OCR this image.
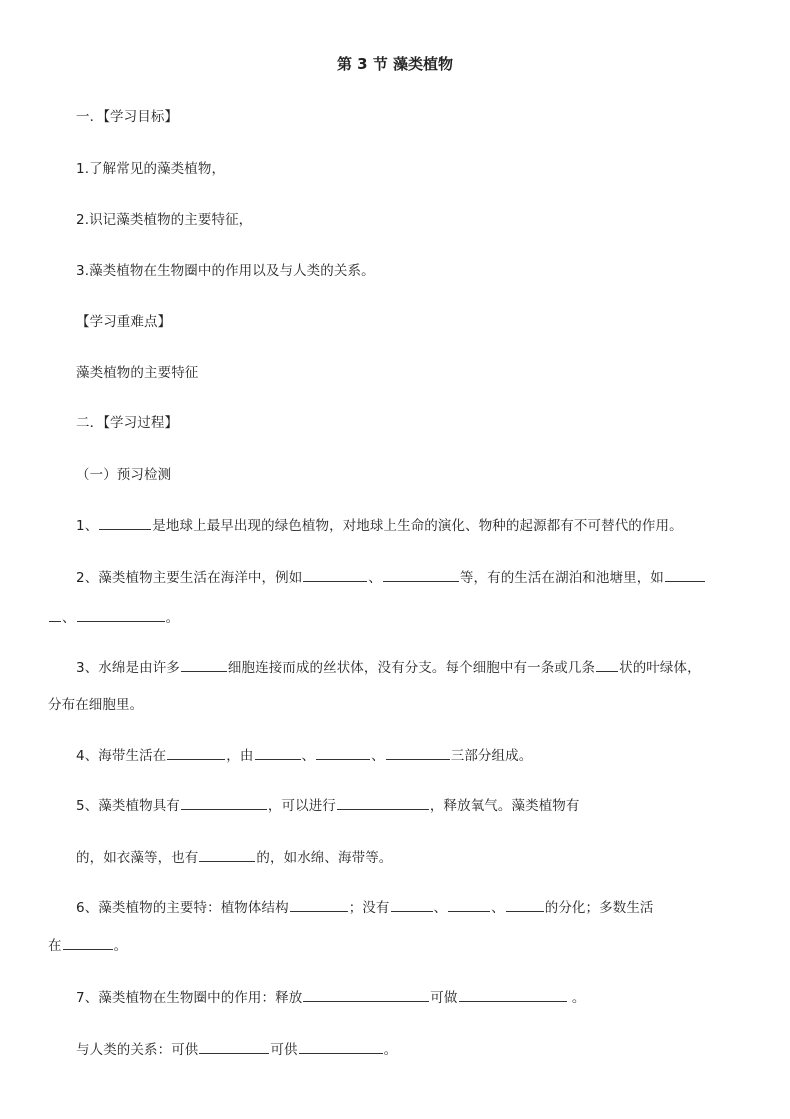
第 3 节 藻类植物
一．【学习目标】
1.了解常见的藻类植物，
2.识记藻类植物的主要特征，
3.藻类植物在生物圈中的作用以及与人类的关系。
【学习重难点】
藻类植物的主要特征
二．【学习过程】
（一）预习检测
1、	是地球上最早出现的绿色植物，对地球上生命的演化、物种的起源都有不可替代的作用。
2、藻类植物主要生活在海洋中，例如	、	等，有的生活在湖泊和池塘里，如
、	。
3、水绵是由许多	细胞连接而成的丝状体，没有分支。每个细胞中有一条或几条 状的叶绿体，
分布在细胞里。
4、海带生活在	，由	、	、	三部分组成。
5、藻类植物具有	，可以进行	，释放氧气。藻类植物有
的，如衣藻等，也有	的，如水绵、海带等。
6、藻类植物的主要特：植物体结构	；没有	、	、	的分化；多数生活
在	。
7、藻类植物在生物圈中的作用：释放	可做	。
与人类的关系：可供	可供	。
